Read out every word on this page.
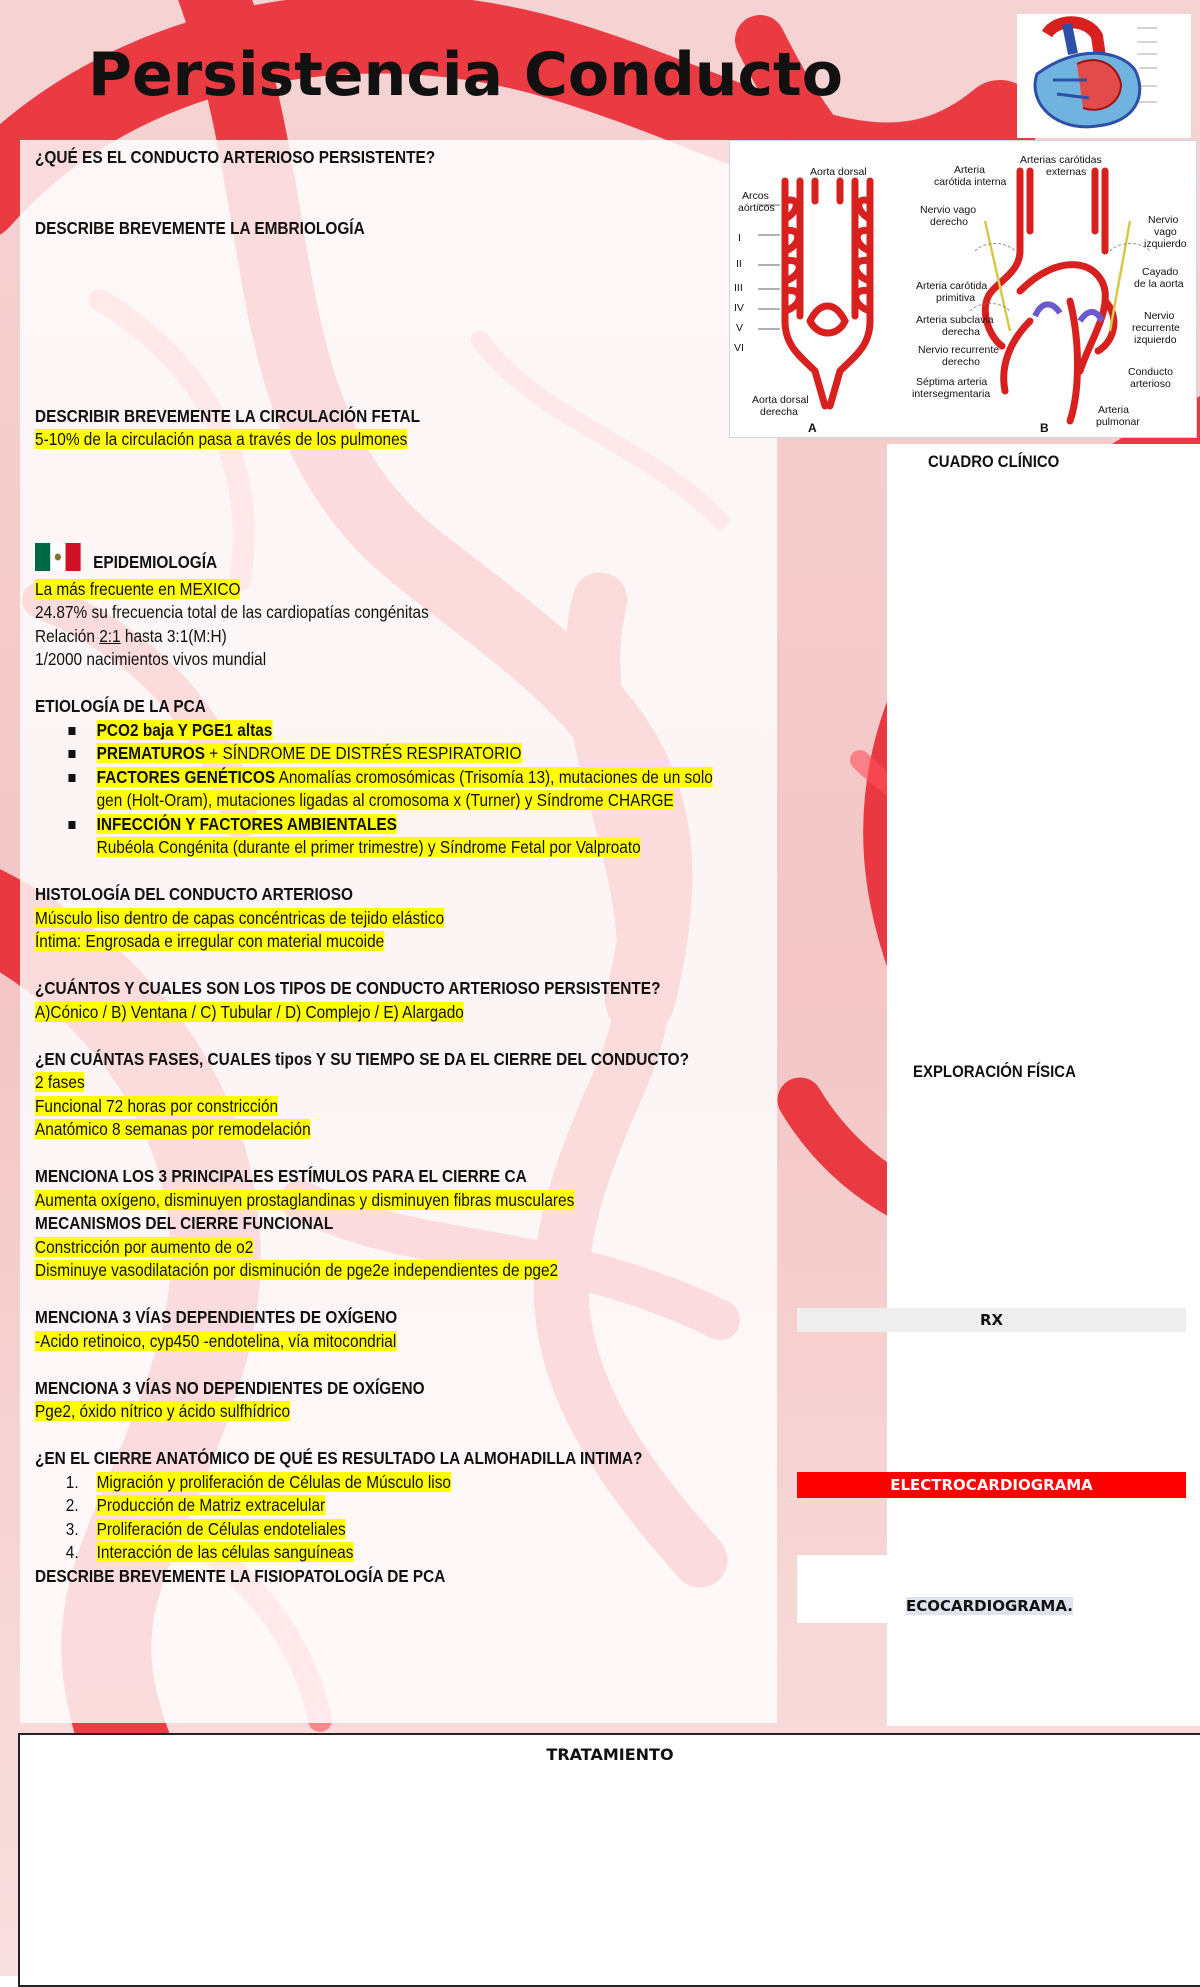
Persistencia Conducto
¿QUÉ ES EL CONDUCTO ARTERIOSO PERSISTENTE?
DESCRIBE BREVEMENTE LA EMBRIOLOGÍA
DESCRIBIR BREVEMENTE LA CIRCULACIÓN FETAL
5-10% de la circulación pasa a través de los pulmones
EPIDEMIOLOGÍA
La más frecuente en MEXICO
24.87% su frecuencia total de las cardiopatías congénitas
Relación 2:1 hasta 3:1(M:H)
1/2000 nacimientos vivos mundial
ETIOLOGÍA DE LA PCA
PCO2 baja Y PGE1 altas
PREMATUROS + SÍNDROME DE DISTRÉS RESPIRATORIO
FACTORES GENÉTICOS Anomalías cromosómicas (Trisomía 13), mutaciones de un solo
gen (Holt-Oram), mutaciones ligadas al cromosoma x (Turner) y Síndrome CHARGE
INFECCIÓN Y FACTORES AMBIENTALES
Rubéola Congénita (durante el primer trimestre) y Síndrome Fetal por Valproato
HISTOLOGÍA DEL CONDUCTO ARTERIOSO
Músculo liso dentro de capas concéntricas de tejido elástico
Íntima: Engrosada e irregular con material mucoide
¿CUÁNTOS Y CUALES SON LOS TIPOS DE CONDUCTO ARTERIOSO PERSISTENTE?
A)Cónico / B) Ventana / C) Tubular / D) Complejo / E) Alargado
¿EN CUÁNTAS FASES, CUALES tipos Y SU TIEMPO SE DA EL CIERRE DEL CONDUCTO?
2 fases
Funcional 72 horas por constricción
Anatómico 8 semanas por remodelación
MENCIONA LOS 3 PRINCIPALES ESTÍMULOS PARA EL CIERRE CA
Aumenta oxígeno, disminuyen prostaglandinas y disminuyen fibras musculares
MECANISMOS DEL CIERRE FUNCIONAL
Constricción por aumento de o2
Disminuye vasodilatación por disminución de pge2e independientes de pge2
MENCIONA 3 VÍAS DEPENDIENTES DE OXÍGENO
-Acido retinoico, cyp450 -endotelina, vía mitocondrial
MENCIONA 3 VÍAS NO DEPENDIENTES DE OXÍGENO
Pge2, óxido nítrico y ácido sulfhídrico
¿EN EL CIERRE ANATÓMICO DE QUÉ ES RESULTADO LA ALMOHADILLA INTIMA?
1. Migración y proliferación de Células de Músculo liso
2. Producción de Matriz extracelular
3. Proliferación de Células endoteliales
4. Interacción de las células sanguíneas
DESCRIBE BREVEMENTE LA FISIOPATOLOGÍA DE PCA
CUADRO CLÍNICO
EXPLORACIÓN FÍSICA
RX
ELECTROCARDIOGRAMA
ECOCARDIOGRAMA.
TRATAMIENTO
Aorta dorsal
Arcos
aórticos
I
II
III
IV
V
VI
Aorta dorsal
derecha
A	B
Arterias carótidas
externas
Arteria
carótida interna
Nervio vago
derecho	Nervio
vago
izquierdo
Cayado
de la aorta
Arteria carótida
primitiva
Arteria subclavia
derecha
Nervio recurrente
derecho
Séptima arteria
intersegmentaria
Nervio
recurrente
izquierdo
Conducto
arterioso
Arteria
pulmonar
